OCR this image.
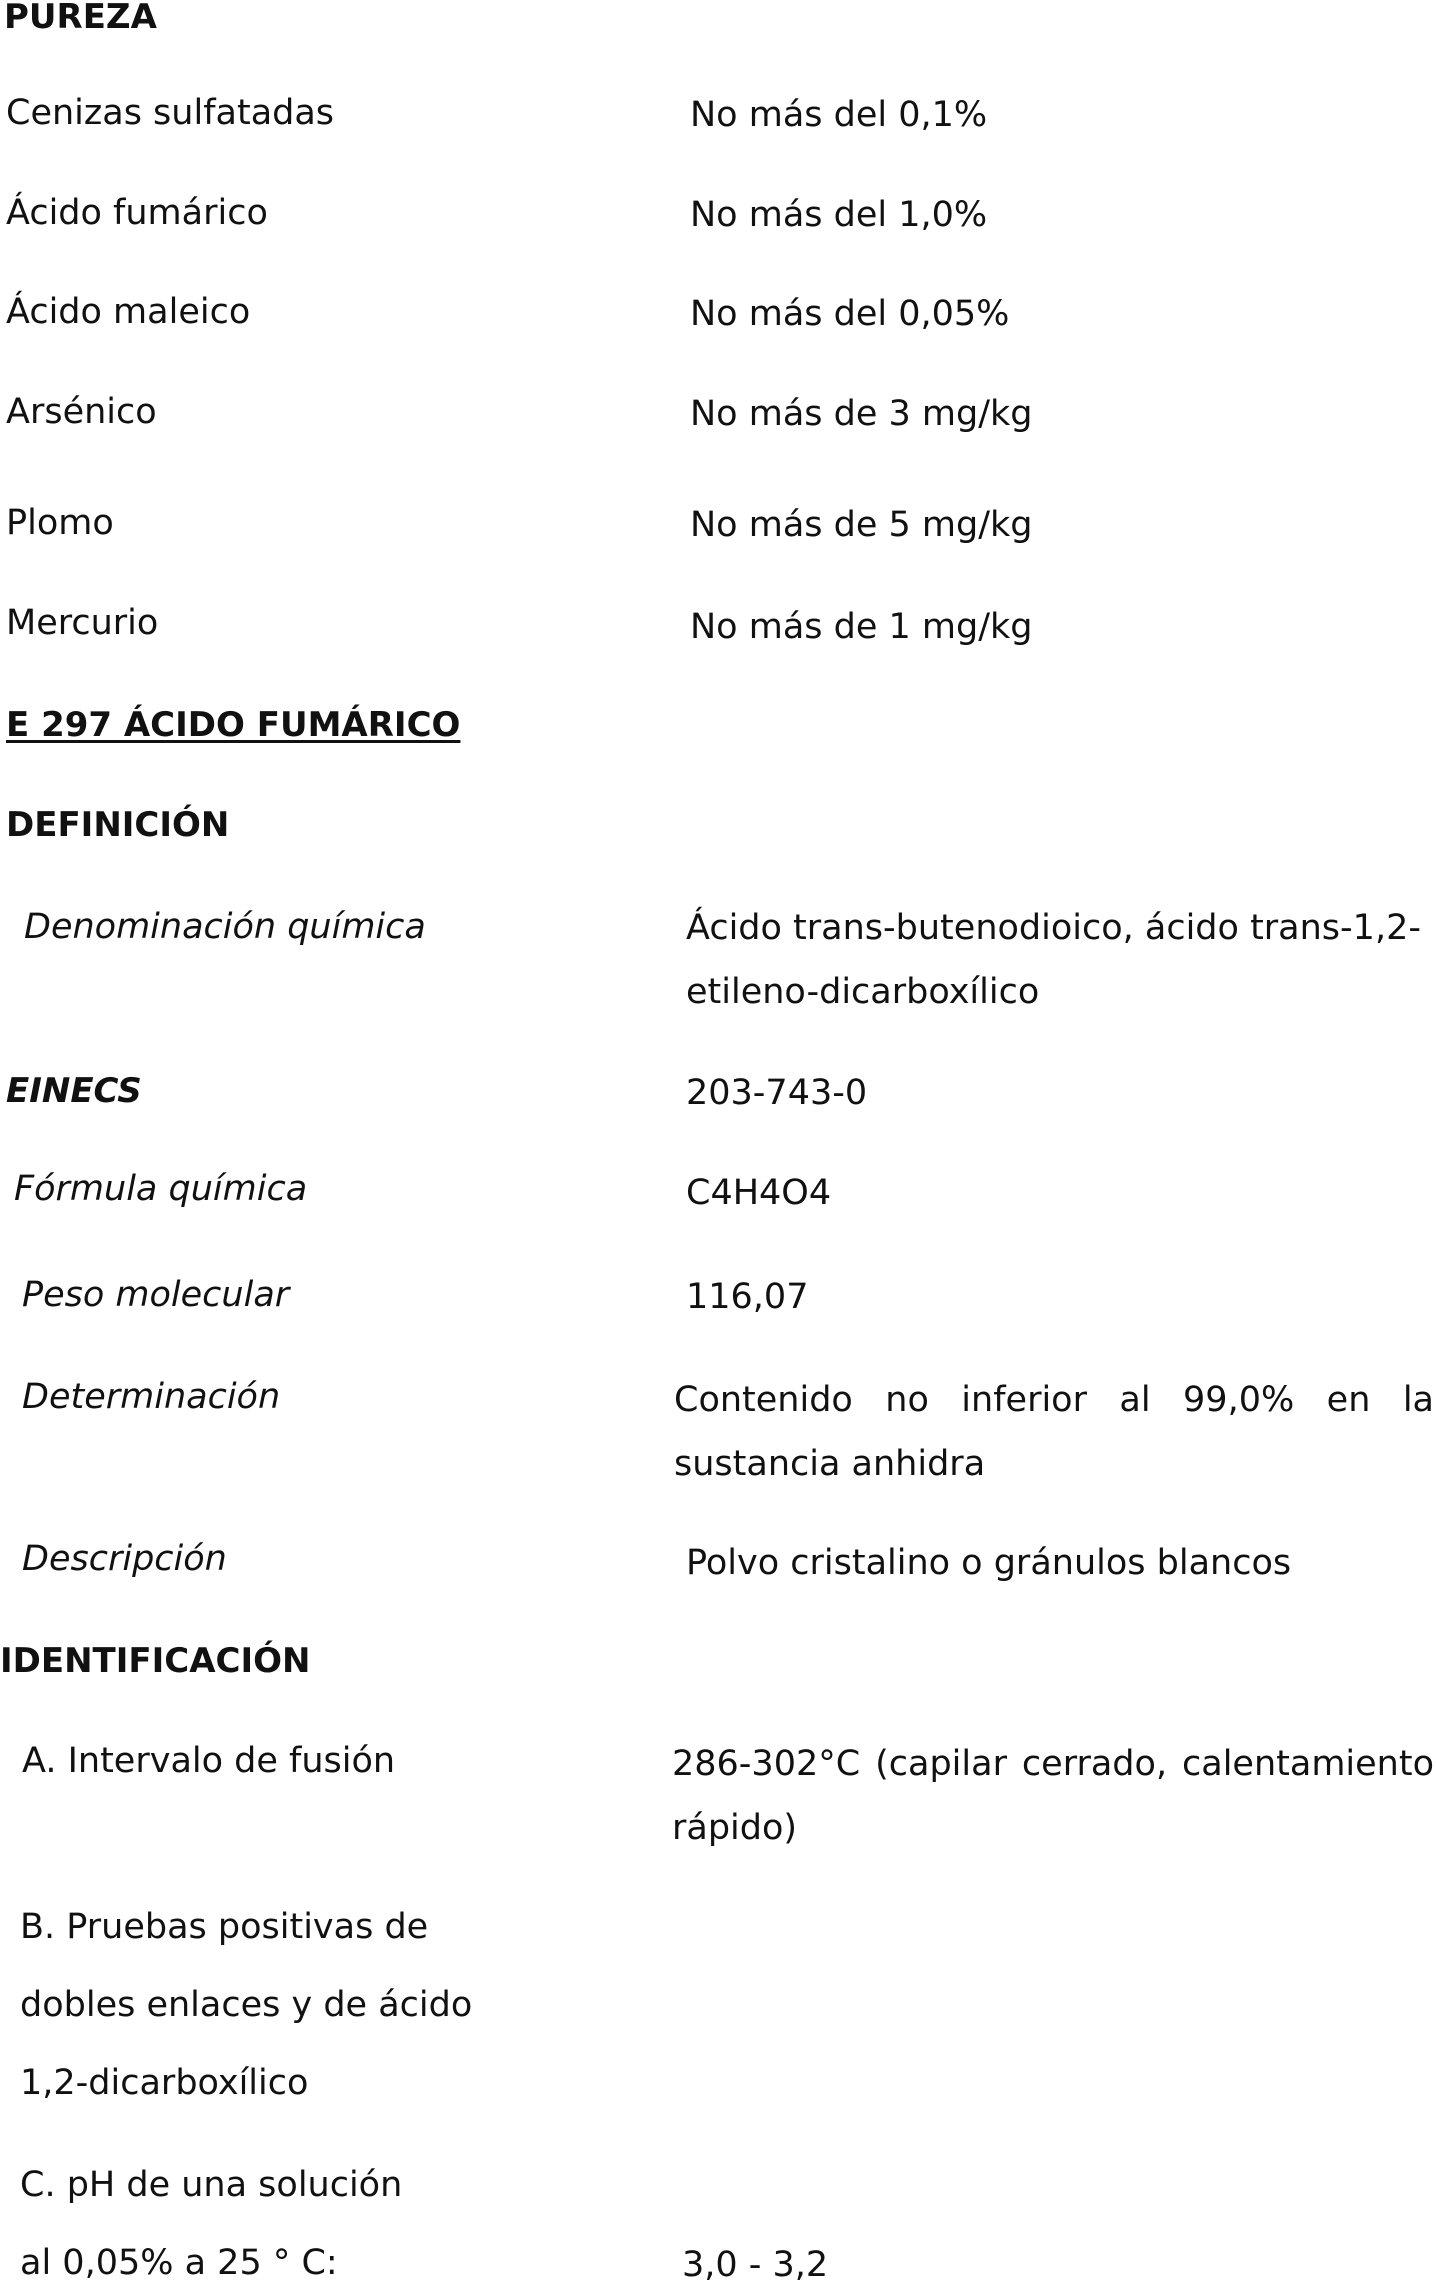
PUREZA
Cenizas sulfatadas	No más del 0,1%
Ácido fumárico	No más del 1,0%
Ácido maleico	No más del 0,05%
Arsénico	No más de 3 mg/kg
Plomo	No más de 5 mg/kg
Mercurio	No más de 1 mg/kg
E 297 ÁCIDO FUMÁRICO
DEFINICIÓN
Denominación química	Ácido trans-butenodioico, ácido trans-1,2-etileno-dicarboxílico
EINECS	203-743-0
Fórmula química	C4H4O4
Peso molecular	116,07
Determinación	Contenido no inferior al 99,0% en la sustancia anhidra
Descripción	Polvo cristalino o gránulos blancos
IDENTIFICACIÓN
A. Intervalo de fusión	286-302°C (capilar cerrado, calentamiento rápido)
B. Pruebas positivas de
dobles enlaces y de ácido
1,2-dicarboxílico
C. pH de una solución
al 0,05% a 25 ° C:	3,0 - 3,2
